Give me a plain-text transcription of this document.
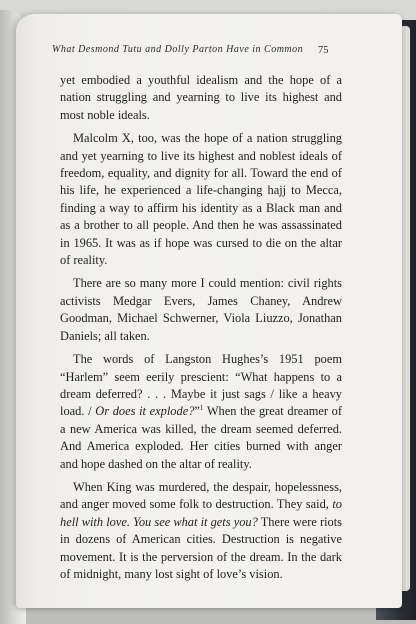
What Desmond Tutu and Dolly Parton Have in Common	75

yet embodied a youthful idealism and the hope of a nation struggling and yearning to live its highest and most noble ideals.

Malcolm X, too, was the hope of a nation struggling and yet yearning to live its highest and noblest ideals of freedom, equality, and dignity for all. Toward the end of his life, he experienced a life-changing hajj to Mecca, finding a way to affirm his identity as a Black man and as a brother to all people. And then he was assassinated in 1965. It was as if hope was cursed to die on the altar of reality.

There are so many more I could mention: civil rights activists Medgar Evers, James Chaney, Andrew Goodman, Michael Schwerner, Viola Liuzzo, Jonathan Daniels; all taken.

The words of Langston Hughes’s 1951 poem “Harlem” seem eerily prescient: “What happens to a dream deferred? . . . Maybe it just sags / like a heavy load. / Or does it explode?”$^1$ When the great dreamer of a new America was killed, the dream seemed deferred. And America exploded. Her cities burned with anger and hope dashed on the altar of reality.

When King was murdered, the despair, hopelessness, and anger moved some folk to destruction. They said, to hell with love. You see what it gets you? There were riots in dozens of American cities. Destruction is negative movement. It is the perversion of the dream. In the dark of midnight, many lost sight of love’s vision.
